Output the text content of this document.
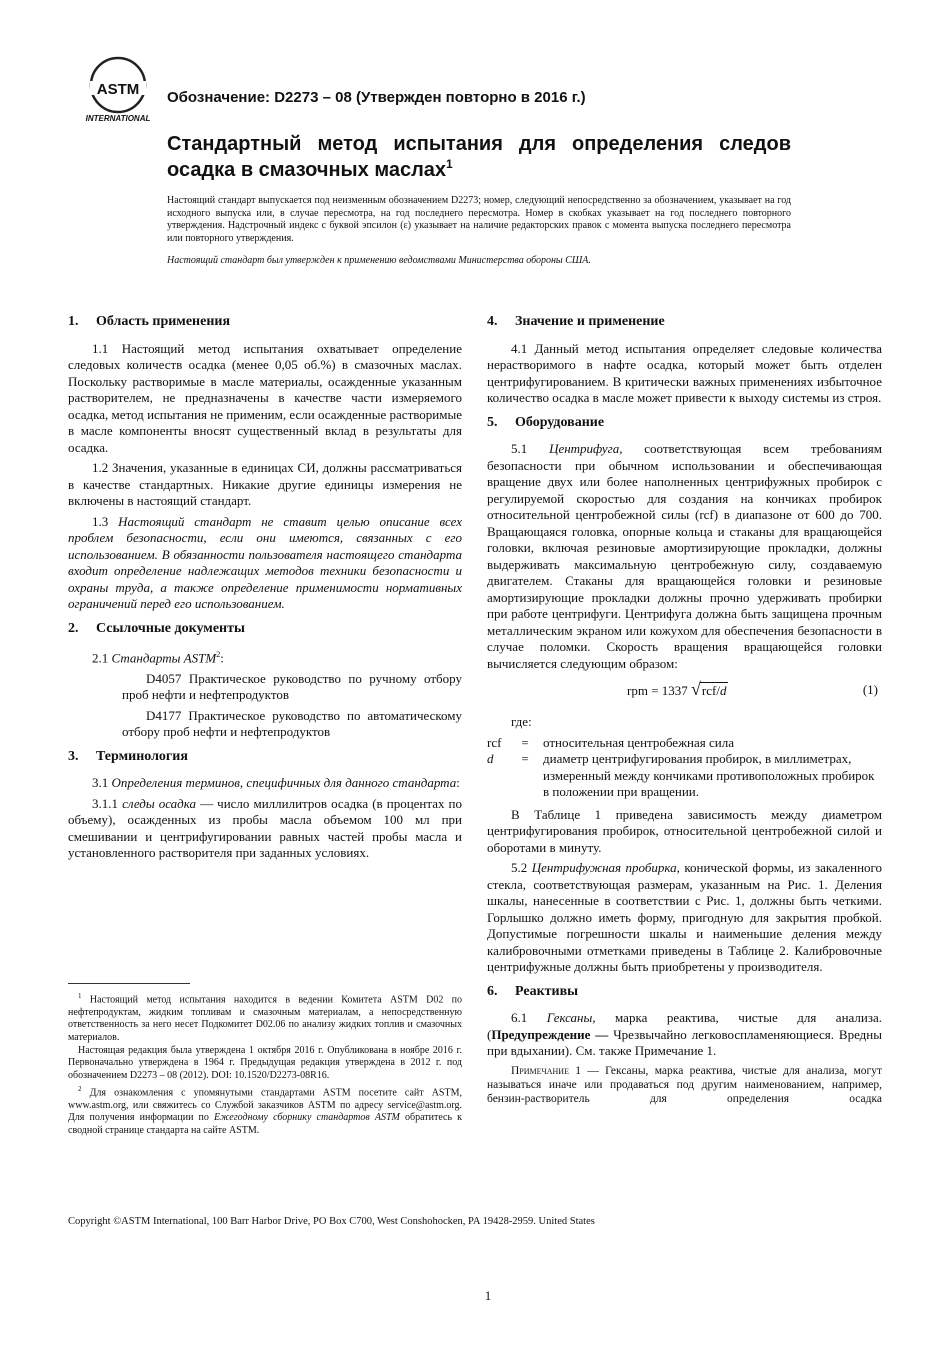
ASTM
INTERNATIONAL
Обозначение: D2273 – 08 (Утвержден повторно в 2016 г.)
Стандартный метод испытания для определения следов осадка в смазочных маслах$^1$
Настоящий стандарт выпускается под неизменным обозначением D2273; номер, следующий непосредственно за обозначением, указывает на год исходного выпуска или, в случае пересмотра, на год последнего пересмотра. Номер в скобках указывает на год последнего повторного утверждения. Надстрочный индекс с буквой эпсилон (ε) указывает на наличие редакторских правок с момента выпуска последнего пересмотра или повторного утверждения.
Настоящий стандарт был утвержден к применению ведомствами Министерства обороны США.
1. Область применения

1.1 Настоящий метод испытания охватывает определение следовых количеств осадка (менее 0,05 об.%) в смазочных маслах. Поскольку растворимые в масле материалы, осажденные указанным растворителем, не предназначены в качестве части измеряемого осадка, метод испытания не применим, если осажденные растворимые в масле компоненты вносят существенный вклад в результаты для осадка.

1.2 Значения, указанные в единицах СИ, должны рассматриваться в качестве стандартных. Никакие другие единицы измерения не включены в настоящий стандарт.

1.3 Настоящий стандарт не ставит целью описание всех проблем безопасности, если они имеются, связанных с его использованием. В обязанности пользователя настоящего стандарта входит определение надлежащих методов техники безопасности и охраны труда, а также определение применимости нормативных ограничений перед его использованием.

2. Ссылочные документы

2.1 Стандарты ASTM$^2$:

D4057 Практическое руководство по ручному отбору проб нефти и нефтепродуктов

D4177 Практическое руководство по автоматическому отбору проб нефти и нефтепродуктов

3. Терминология

3.1 Определения терминов, специфичных для данного стандарта:

3.1.1 следы осадка — число миллилитров осадка (в процентах по объему), осажденных из пробы масла объемом 100 мл при смешивании и центрифугировании равных частей пробы масла и установленного растворителя при заданных условиях.

$^1$ Настоящий метод испытания находится в ведении Комитета ASTM D02 по нефтепродуктам, жидким топливам и смазочным материалам, а непосредственную ответственность за него несет Подкомитет D02.06 по анализу жидких топлив и смазочных материалов.

Настоящая редакция была утверждена 1 октября 2016 г. Опубликована в ноябре 2016 г. Первоначально утверждена в 1964 г. Предыдущая редакция утверждена в 2012 г. под обозначением D2273 – 08 (2012). DOI: 10.1520/D2273-08R16.

$^2$ Для ознакомления с упомянутыми стандартами ASTM посетите сайт ASTM, www.astm.org, или свяжитесь со Службой заказчиков ASTM по адресу service@astm.org. Для получения информации по Ежегодному сборнику стандартов ASTM обратитесь к сводной странице стандарта на сайте ASTM.

4. Значение и применение

4.1 Данный метод испытания определяет следовые количества нерастворимого в нафте осадка, который может быть отделен центрифугированием. В критически важных применениях избыточное количество осадка в масле может привести к выходу системы из строя.

5. Оборудование

5.1 Центрифуга, соответствующая всем требованиям безопасности при обычном использовании и обеспечивающая вращение двух или более наполненных центрифужных пробирок с регулируемой скоростью для создания на кончиках пробирок относительной центробежной силы (rcf) в диапазоне от 600 до 700. Вращающаяся головка, опорные кольца и стаканы для вращающейся головки, включая резиновые амортизирующие прокладки, должны выдерживать максимальную центробежную силу, создаваемую двигателем. Стаканы для вращающейся головки и резиновые амортизирующие прокладки должны прочно удерживать пробирки при работе центрифуги. Центрифуга должна быть защищена прочным металлическим экраном или кожухом для обеспечения безопасности в случае поломки. Скорость вращения вращающейся головки вычисляется следующим образом:

rpm = 1337 √rcf/d	(1)

где:

rcf	=	относительная центробежная сила
d	=	диаметр центрифугирования пробирок, в миллиметрах, измеренный между кончиками противоположных пробирок в положении при вращении.

В Таблице 1 приведена зависимость между диаметром центрифугирования пробирок, относительной центробежной силой и оборотами в минуту.

5.2 Центрифужная пробирка, конической формы, из закаленного стекла, соответствующая размерам, указанным на Рис. 1. Деления шкалы, нанесенные в соответствии с Рис. 1, должны быть четкими. Горлышко должно иметь форму, пригодную для закрытия пробкой. Допустимые погрешности шкалы и наименьшие деления между калибровочными отметками приведены в Таблице 2. Калибровочные центрифужные должны быть приобретены у производителя.

6. Реактивы

6.1 Гексаны, марка реактива, чистые для анализа. (Предупреждение — Чрезвычайно легковоспламеняющиеся. Вредны при вдыхании). См. также Примечание 1.

Примечание 1 — Гексаны, марка реактива, чистые для анализа, могут называться иначе или продаваться под другим наименованием, например, бензин-растворитель для определения осадка

Copyright ©ASTM International, 100 Barr Harbor Drive, PO Box C700, West Conshohocken, PA 19428-2959. United States
1
